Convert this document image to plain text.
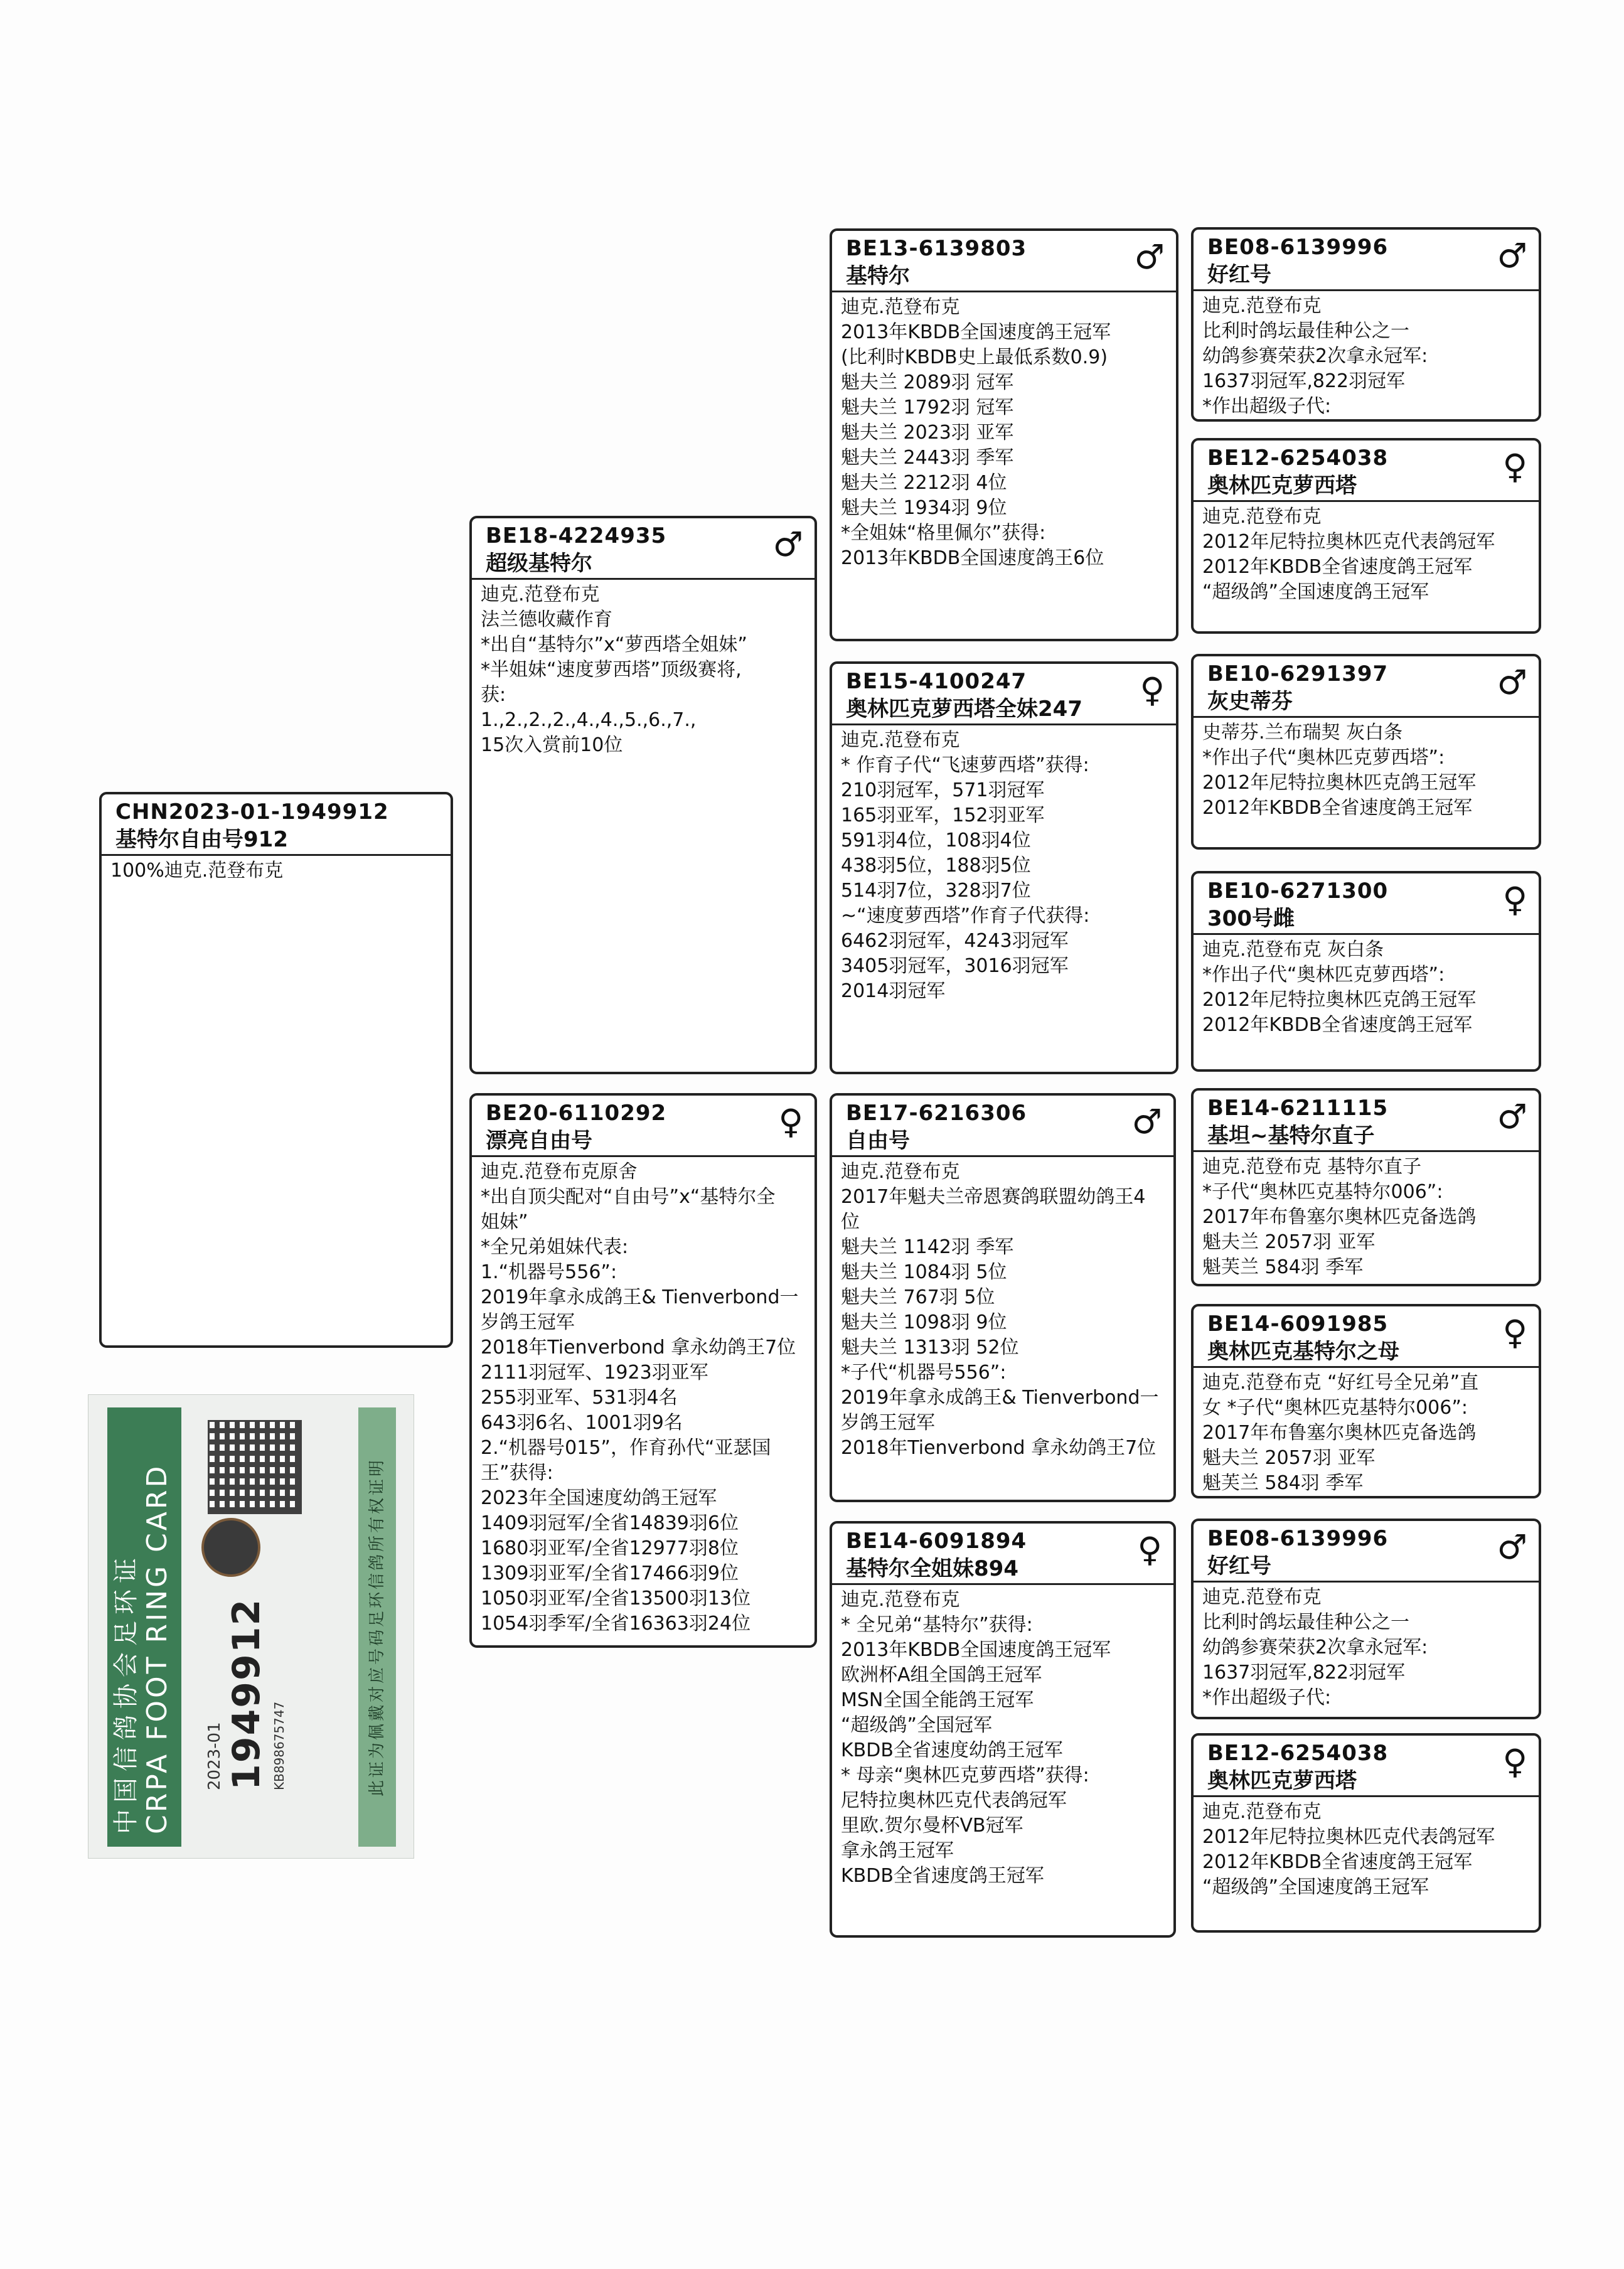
CHN2023-01-1949912
基特尔自由号912
100%迪克.范登布克
BE18-4224935
超级基特尔	♂
迪克.范登布克
法兰德收藏作育
*出自“基特尔”x“萝西塔全姐妹”
*半姐妹“速度萝西塔”顶级赛将,
获:
1.,2.,2.,2.,4.,4.,5.,6.,7.,
15次入赏前10位
BE20-6110292
漂亮自由号	♀
迪克.范登布克原舍
*出自顶尖配对“自由号”x“基特尔全
姐妹”
*全兄弟姐妹代表:
1.“机器号556”:
2019年拿永成鸽王& Tienverbond一
岁鸽王冠军
2018年Tienverbond 拿永幼鸽王7位
2111羽冠军、1923羽亚军
255羽亚军、531羽4名
643羽6名、1001羽9名
2.“机器号015”，作育孙代“亚瑟国
王”获得:
2023年全国速度幼鸽王冠军
1409羽冠军/全省14839羽6位
1680羽亚军/全省12977羽8位
1309羽亚军/全省17466羽9位
1050羽亚军/全省13500羽13位
1054羽季军/全省16363羽24位
BE13-6139803
基特尔	♂
迪克.范登布克
2013年KBDB全国速度鸽王冠军
(比利时KBDB史上最低系数0.9)
魁夫兰 2089羽 冠军
魁夫兰 1792羽 冠军
魁夫兰 2023羽 亚军
魁夫兰 2443羽 季军
魁夫兰 2212羽 4位
魁夫兰 1934羽 9位
*全姐妹“格里佩尔”获得:
2013年KBDB全国速度鸽王6位
BE15-4100247
奥林匹克萝西塔全妹247	♀
迪克.范登布克
* 作育子代“飞速萝西塔”获得:
210羽冠军，571羽冠军
165羽亚军，152羽亚军
591羽4位，108羽4位
438羽5位，188羽5位
514羽7位，328羽7位
~“速度萝西塔”作育子代获得:
6462羽冠军，4243羽冠军
3405羽冠军，3016羽冠军
2014羽冠军
BE17-6216306
自由号	♂
迪克.范登布克
2017年魁夫兰帝恩赛鸽联盟幼鸽王4
位
魁夫兰 1142羽 季军
魁夫兰 1084羽 5位
魁夫兰 767羽 5位
魁夫兰 1098羽 9位
魁夫兰 1313羽 52位
*子代“机器号556”:
2019年拿永成鸽王& Tienverbond一
岁鸽王冠军
2018年Tienverbond 拿永幼鸽王7位
BE14-6091894
基特尔全姐妹894	♀
迪克.范登布克
* 全兄弟“基特尔”获得:
2013年KBDB全国速度鸽王冠军
欧洲杯A组全国鸽王冠军
MSN全国全能鸽王冠军
“超级鸽”全国冠军
KBDB全省速度幼鸽王冠军
* 母亲“奥林匹克萝西塔”获得:
尼特拉奥林匹克代表鸽冠军
里欧.贺尔曼杯VB冠军
拿永鸽王冠军
KBDB全省速度鸽王冠军
BE08-6139996
好红号	♂
迪克.范登布克
比利时鸽坛最佳种公之一
幼鸽参赛荣获2次拿永冠军:
1637羽冠军,822羽冠军
*作出超级子代:
BE12-6254038
奥林匹克萝西塔	♀
迪克.范登布克
2012年尼特拉奥林匹克代表鸽冠军
2012年KBDB全省速度鸽王冠军
“超级鸽”全国速度鸽王冠军
BE10-6291397
灰史蒂芬	♂
史蒂芬.兰布瑞契 灰白条
*作出子代“奥林匹克萝西塔”:
2012年尼特拉奥林匹克鸽王冠军
2012年KBDB全省速度鸽王冠军
BE10-6271300
300号雌	♀
迪克.范登布克 灰白条
*作出子代“奥林匹克萝西塔”:
2012年尼特拉奥林匹克鸽王冠军
2012年KBDB全省速度鸽王冠军
BE14-6211115
基坦~基特尔直子	♂
迪克.范登布克 基特尔直子
*子代“奥林匹克基特尔006”:
2017年布鲁塞尔奥林匹克备选鸽
魁夫兰 2057羽 亚军
魁芙兰 584羽 季军
BE14-6091985
奥林匹克基特尔之母	♀
迪克.范登布克 “好红号全兄弟”直
女 *子代“奥林匹克基特尔006”:
2017年布鲁塞尔奥林匹克备选鸽
魁夫兰 2057羽 亚军
魁芙兰 584羽 季军
BE08-6139996
好红号	♂
迪克.范登布克
比利时鸽坛最佳种公之一
幼鸽参赛荣获2次拿永冠军:
1637羽冠军,822羽冠军
*作出超级子代:
BE12-6254038
奥林匹克萝西塔	♀
迪克.范登布克
2012年尼特拉奥林匹克代表鸽冠军
2012年KBDB全省速度鸽王冠军
“超级鸽”全国速度鸽王冠军
中国信鸽协会足环证 CRPA FOOT RING CARD 2023-01 1949912 KB898675747	此证为佩戴对应号码足环信鸽所有权证明
